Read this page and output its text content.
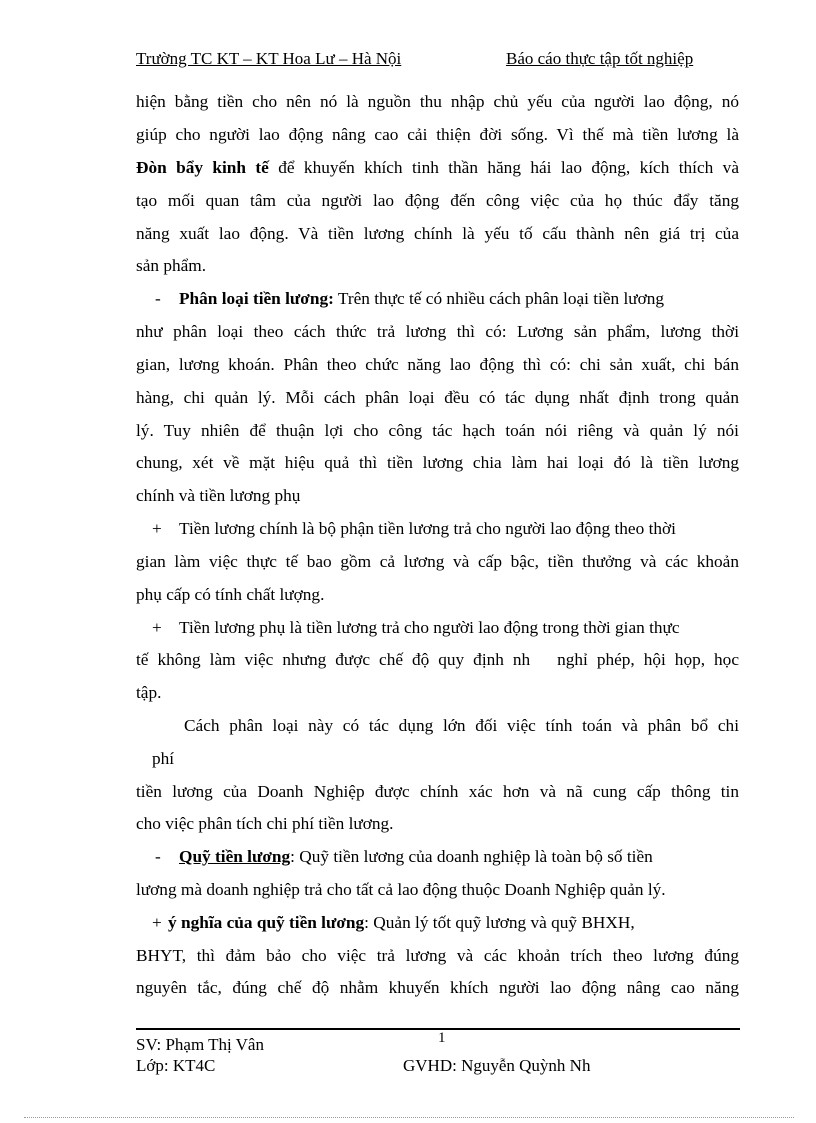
Trường TC KT – KT Hoa Lư – Hà Nội	Báo cáo thực tập tốt nghiệp
hiện bằng tiền cho nên nó là nguồn thu nhập chủ yếu của người lao động, nó
giúp cho người lao động nâng cao cải thiện đời sống. Vì thế mà tiền lương là
Đòn bẩy kinh tế để khuyến khích tinh thần hăng hái lao động, kích thích và
tạo mối quan tâm của người lao động đến công việc của họ thúc đẩy tăng
năng xuất lao động. Và tiền lương chính là yếu tố cấu thành nên giá trị của
sản phẩm.
- Phân loại tiền lương: Trên thực tế có nhiều cách phân loại tiền lương
như phân loại theo cách thức trả lương thì có: Lương sản phẩm, lương thời
gian, lương khoán. Phân theo chức năng lao động thì có: chi sản xuất, chi bán
hàng, chi quản lý. Mỗi cách phân loại đều có tác dụng nhất định trong quản
lý. Tuy nhiên để thuận lợi cho công tác hạch toán nói riêng và quản lý nói
chung, xét về mặt hiệu quả thì tiền lương chia làm hai loại đó là tiền lương
chính và tiền lương phụ
+ Tiền lương chính là bộ phận tiền lương trả cho người lao động theo thời
gian làm việc thực tế bao gồm cả lương và cấp bậc, tiền thưởng và các khoản
phụ cấp có tính chất lượng.
+ Tiền lương phụ là tiền lương trả cho người lao động trong thời gian thực
tế không làm việc nhưng được chế độ quy định nh   nghỉ phép, hội họp, học
tập.
Cách phân loại này có tác dụng lớn đối việc tính toán và phân bổ chi
phí
tiền lương của Doanh Nghiệp được chính xác hơn và nã cung cấp thông tin
cho việc phân tích chi phí tiền lương.
- Quỹ tiền lương: Quỹ tiền lương của doanh nghiệp là toàn bộ số tiền
lương mà doanh nghiệp trả cho tất cả lao động thuộc Doanh Nghiệp quản lý.
+ ý nghĩa của quỹ tiền lương: Quản lý tốt quỹ lương và quỹ BHXH,
BHYT, thì đảm bảo cho việc trả lương và các khoản trích theo lương đúng
nguyên tắc, đúng chế độ nhằm khuyến khích người lao động nâng cao năng
1
SV: Phạm Thị Vân
Lớp: KT4C	GVHD: Nguyễn Quỳnh Nh
